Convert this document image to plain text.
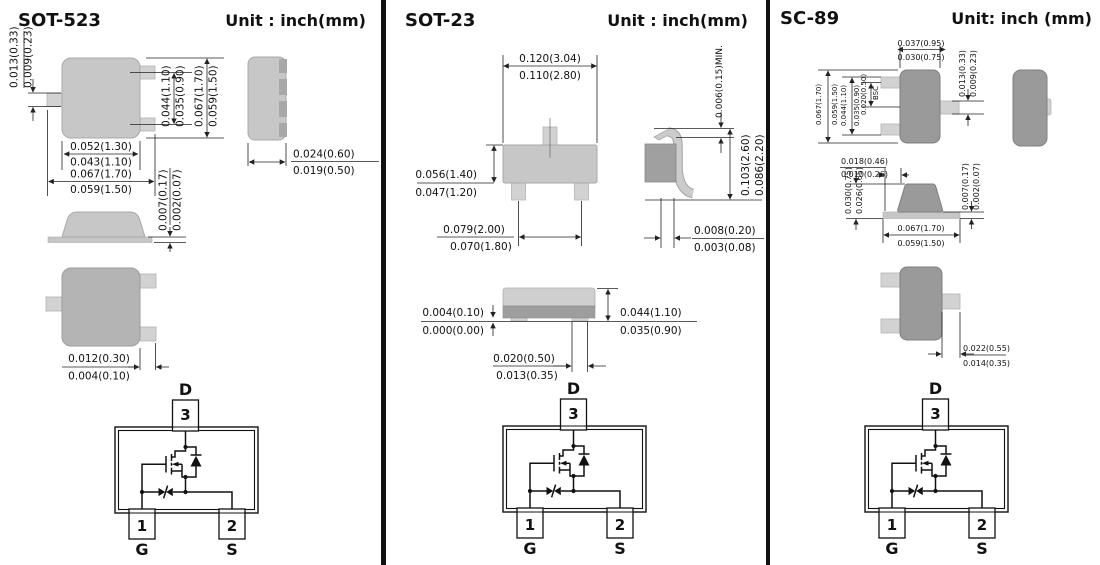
SOT-523	Unit : inch(mm)
0.013(0.33) 0.009(0.23)
0.044(1.10) 0.035(0.90) 0.067(1.70) 0.059(1.50)
0.052(1.30)
0.043(1.10)
0.067(1.70)
0.059(1.50)
0.024(0.60)
0.019(0.50)
0.007(0.17) 0.002(0.07)
0.012(0.30)
0.004(0.10)
D
3
1	2
G	S
SOT-23	Unit : inch(mm)
0.120(3.04)
0.110(2.80)
0.056(1.40)
0.047(1.20)
0.079(2.00)
0.070(1.80)
0.006(0.15)MIN.
0.103(2.60) 0.086(2.20)
0.008(0.20)
0.003(0.08)
0.004(0.10)
0.000(0.00)
0.044(1.10)
0.035(0.90)
0.020(0.50)
0.013(0.35)
D
3
1	2
G	S
SC-89	Unit: inch (mm)
0.037(0.95)
0.030(0.75)
0.067(1.70) 0.059(1.50) 0.044(1.10) 0.035(0.90) 0.020(0.50) BSC	0.013(0.33) 0.009(0.23)
0.018(0.46)
0.010(0.26)
0.030(0.75) 0.026(0.65)	0.007(0.17) 0.002(0.07)
0.067(1.70)
0.059(1.50)
0.022(0.55)
0.014(0.35)
D
3
1	2
G	S
